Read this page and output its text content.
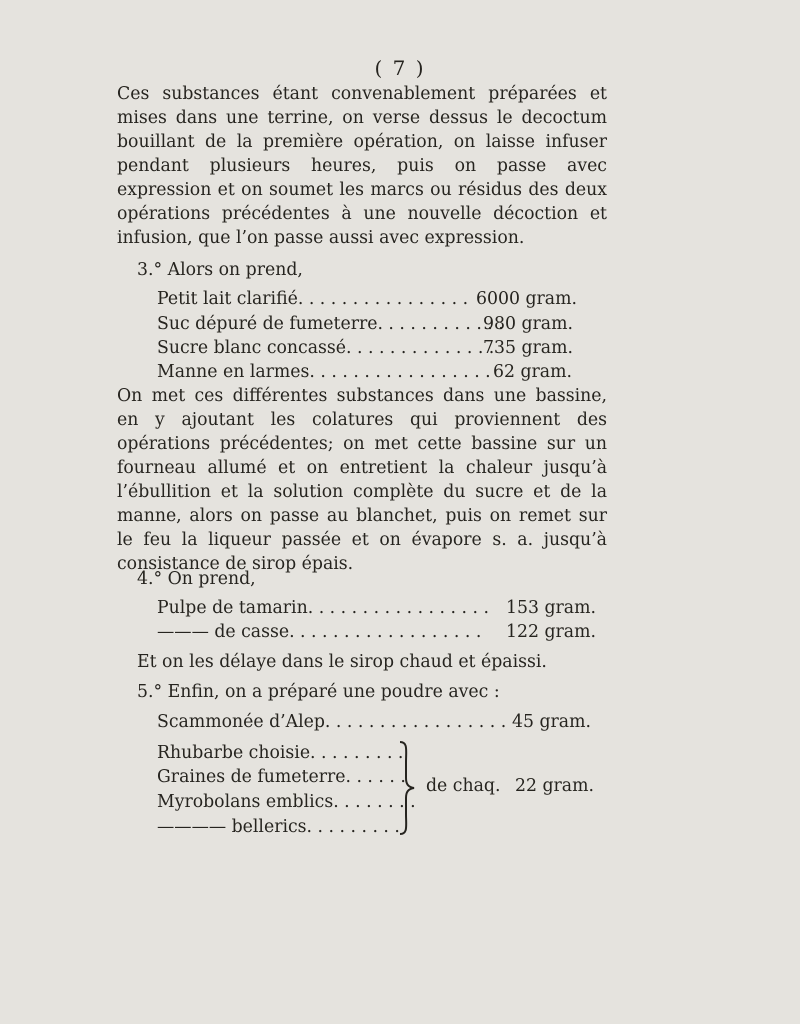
( 7 )
Ces substances étant convenablement préparées et mises dans une terrine, on verse dessus le decoctum bouillant de la première opération, on laisse infuser pendant plusieurs heures, puis on passe avec expression et on soumet les marcs ou résidus des deux opérations précédentes à une nouvelle décoction et infusion, que l’on passe aussi avec expression.
3.° Alors on prend,
Petit lait clarifié. . . . . . . . . . . . . . . . 6000 gram.
Suc dépuré de fumeterre. . . . . . . . . . . .
980 gram.
Sucre blanc concassé. . . . . . . . . . . . . .
735 gram.
Manne en larmes. . . . . . . . . . . . . . . . . 62 gram.
On met ces différentes substances dans une bassine, en y ajoutant les colatures qui proviennent des opérations précédentes; on met cette bassine sur un fourneau allumé et on entretient la chaleur jusqu’à l’ébullition et la solution complète du sucre et de la manne, alors on passe au blanchet, puis on remet sur le feu la liqueur passée et on évapore s. a. jusqu’à consistance de sirop épais.
4.° On prend,
Pulpe de tamarin. . . . . . . . . . . . . . . . . 153 gram.
——— de casse. . . . . . . . . . . . . . . . . .	122 gram.
Et on les délaye dans le sirop chaud et épaissi.
5.° Enfin, on a préparé une poudre avec :
Scammonée d’Alep. . . . . . . . . . . . . . . . . 45 gram.
Rhubarbe choisie. . . . . . . . .
Graines de fumeterre. . . . . .
Myrobolans emblics. . . . . . . .
———— bellerics. . . . . . . . .
de chaq. 22 gram.
